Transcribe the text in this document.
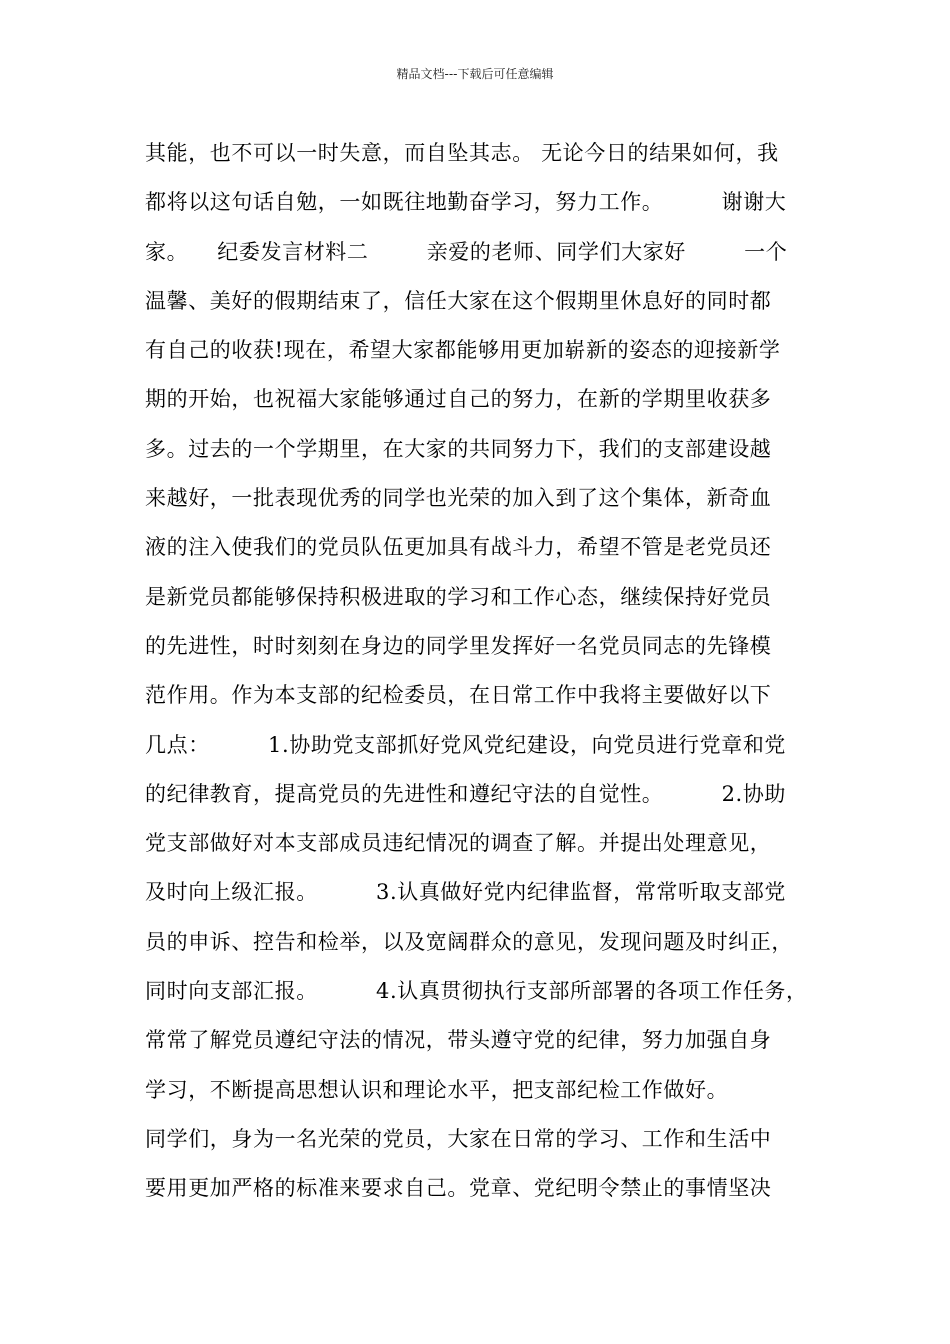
精品文档---下载后可任意编辑
其能，也不可以一时失意，而自坠其志。 无论今日的结果如何，我
都将以这句话自勉，一如既往地勤奋学习，努力工作。        谢谢大
家。    纪委发言材料二        亲爱的老师、同学们大家好        一个
温馨、美好的假期结束了，信任大家在这个假期里休息好的同时都
有自己的收获!现在，希望大家都能够用更加崭新的姿态的迎接新学
期的开始，也祝福大家能够通过自己的努力，在新的学期里收获多
多。过去的一个学期里，在大家的共同努力下，我们的支部建设越
来越好，一批表现优秀的同学也光荣的加入到了这个集体，新奇血
液的注入使我们的党员队伍更加具有战斗力，希望不管是老党员还
是新党员都能够保持积极进取的学习和工作心态，继续保持好党员
的先进性，时时刻刻在身边的同学里发挥好一名党员同志的先锋模
范作用。作为本支部的纪检委员，在日常工作中我将主要做好以下
几点：        1.协助党支部抓好党风党纪建设，向党员进行党章和党
的纪律教育，提高党员的先进性和遵纪守法的自觉性。        2.协助
党支部做好对本支部成员违纪情况的调查了解。并提出处理意见，
及时向上级汇报。        3.认真做好党内纪律监督，常常听取支部党
员的申诉、控告和检举，以及宽阔群众的意见，发现问题及时纠正，
同时向支部汇报。        4.认真贯彻执行支部所部署的各项工作任务，
常常了解党员遵纪守法的情况，带头遵守党的纪律，努力加强自身
学习，不断提高思想认识和理论水平，把支部纪检工作做好。
同学们，身为一名光荣的党员，大家在日常的学习、工作和生活中
要用更加严格的标准来要求自己。党章、党纪明令禁止的事情坚决
